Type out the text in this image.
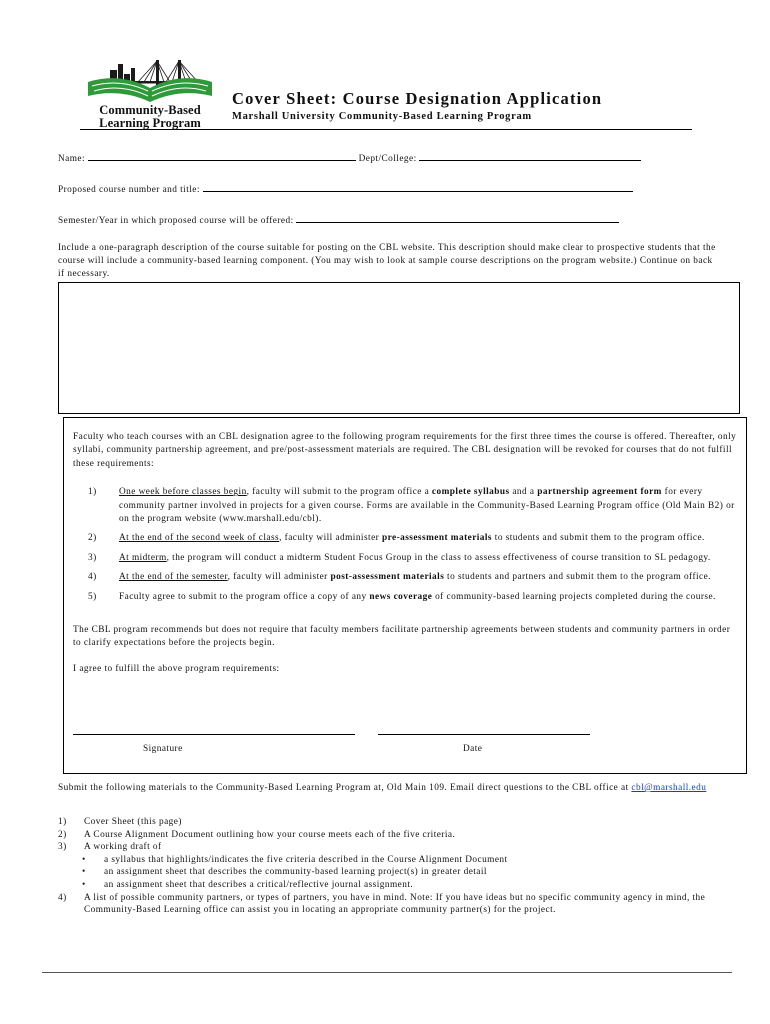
Community-Based
Learning Program
Cover Sheet: Course Designation Application
Marshall University Community-Based Learning Program
Name:	Dept/College:
Proposed course number and title:
Semester/Year in which proposed course will be offered:
Include a one-paragraph description of the course suitable for posting on the CBL website. This description should make clear to prospective students that the course will include a community-based learning component. (You may wish to look at sample course descriptions on the program website.) Continue on back if necessary.

Faculty who teach courses with an CBL designation agree to the following program requirements for the first three times the course is offered. Thereafter, only syllabi, community partnership agreement, and pre/post-assessment materials are required. The CBL designation will be revoked for courses that do not fulfill these requirements:

1) One week before classes begin, faculty will submit to the program office a complete syllabus and a partnership agreement form for every community partner involved in projects for a given course. Forms are available in the Community-Based Learning Program office (Old Main B2) or on the program website (www.marshall.edu/cbl).
2) At the end of the second week of class, faculty will administer pre-assessment materials to students and submit them to the program office.
3) At midterm, the program will conduct a midterm Student Focus Group in the class to assess effectiveness of course transition to SL pedagogy.
4) At the end of the semester, faculty will administer post-assessment materials to students and partners and submit them to the program office.
5) Faculty agree to submit to the program office a copy of any news coverage of community-based learning projects completed during the course.

The CBL program recommends but does not require that faculty members facilitate partnership agreements between students and community partners in order to clarify expectations before the projects begin.

I agree to fulfill the above program requirements:

Signature	Date

Submit the following materials to the Community-Based Learning Program at, Old Main 109. Email direct questions to the CBL office at cbl@marshall.edu

1) Cover Sheet (this page)
2) A Course Alignment Document outlining how your course meets each of the five criteria.
3) A working draft of
• a syllabus that highlights/indicates the five criteria described in the Course Alignment Document
• an assignment sheet that describes the community-based learning project(s) in greater detail
• an assignment sheet that describes a critical/reflective journal assignment.
4) A list of possible community partners, or types of partners, you have in mind. Note: If you have ideas but no specific community agency in mind, the Community-Based Learning office can assist you in locating an appropriate community partner(s) for the project.
